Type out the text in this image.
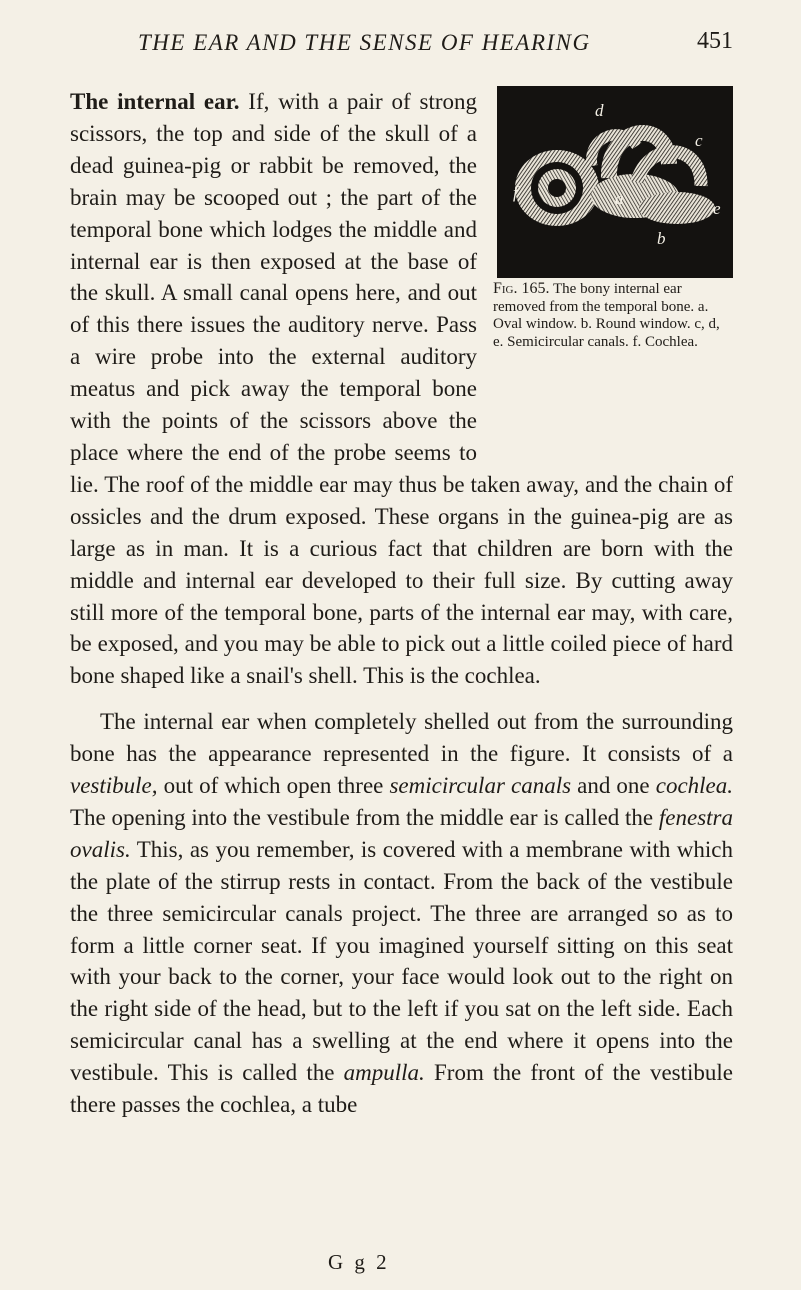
THE EAR AND THE SENSE OF HEARING	451

d
c
f	a
e
b
Fig. 165. The bony internal ear removed from the temporal bone. a. Oval window. b. Round window. c, d, e. Semicircular canals. f. Cochlea.
The internal ear. If, with a pair of strong scissors, the top and side of the skull of a dead guinea-pig or rabbit be removed, the brain may be scooped out ; the part of the temporal bone which lodges the middle and internal ear is then exposed at the base of the skull. A small canal opens here, and out of this there issues the auditory nerve. Pass a wire probe into the external auditory meatus and pick away the temporal bone with the points of the scissors above the place where the end of the probe seems to lie. The roof of the middle ear may thus be taken away, and the chain of ossicles and the drum exposed. These organs in the guinea-pig are as large as in man. It is a curious fact that children are born with the middle and internal ear developed to their full size. By cutting away still more of the temporal bone, parts of the internal ear may, with care, be exposed, and you may be able to pick out a little coiled piece of hard bone shaped like a snail's shell. This is the cochlea.

The internal ear when completely shelled out from the surrounding bone has the appearance represented in the figure. It consists of a vestibule, out of which open three semicircular canals and one cochlea. The opening into the vestibule from the middle ear is called the fenestra ovalis. This, as you remember, is covered with a membrane with which the plate of the stirrup rests in contact. From the back of the vestibule the three semicircular canals project. The three are arranged so as to form a little corner seat. If you imagined yourself sitting on this seat with your back to the corner, your face would look out to the right on the right side of the head, but to the left if you sat on the left side. Each semicircular canal has a swelling at the end where it opens into the vestibule. This is called the ampulla. From the front of the vestibule there passes the cochlea, a tube

G g 2
